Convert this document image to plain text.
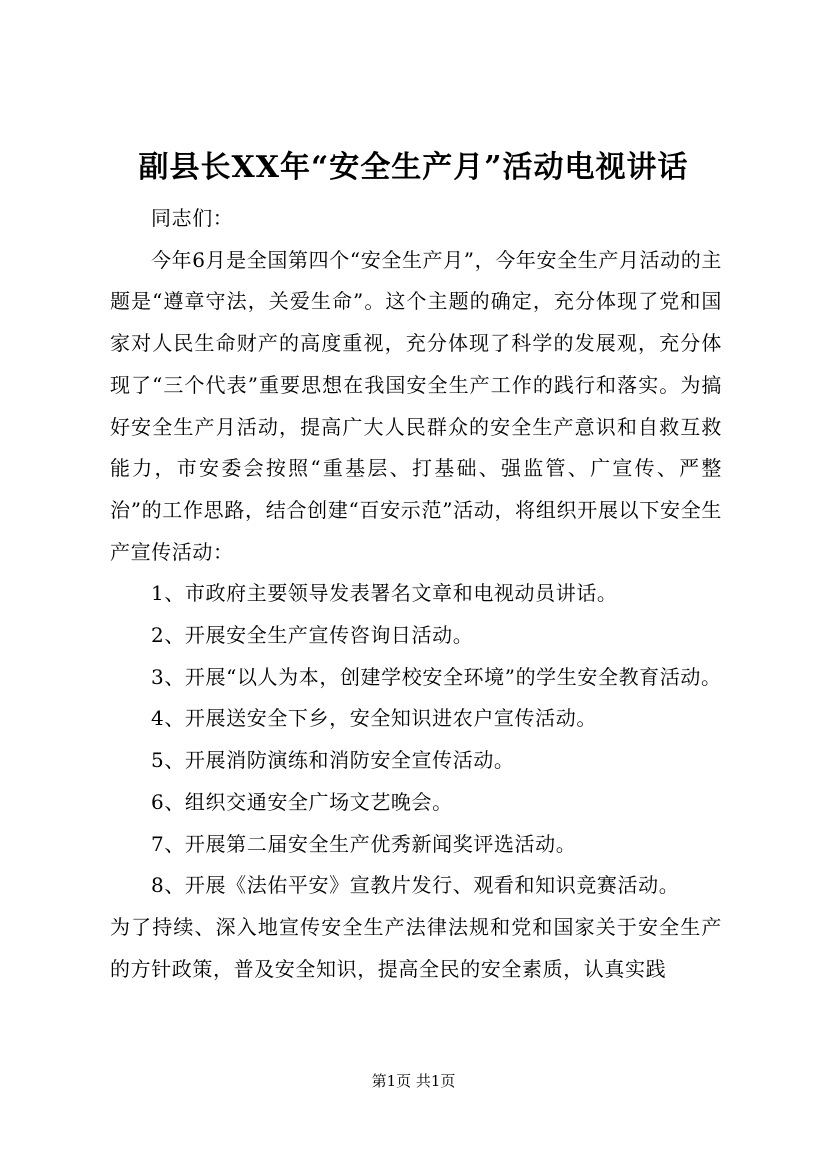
副县长XX年“安全生产月”活动电视讲话

同志们：

今年6月是全国第四个“安全生产月”，今年安全生产月活动的主题是“遵章守法，关爱生命”。这个主题的确定，充分体现了党和国家对人民生命财产的高度重视，充分体现了科学的发展观，充分体现了“三个代表”重要思想在我国安全生产工作的践行和落实。为搞好安全生产月活动，提高广大人民群众的安全生产意识和自救互救能力，市安委会按照“重基层、打基础、强监管、广宣传、严整治”的工作思路，结合创建“百安示范”活动，将组织开展以下安全生产宣传活动：

1、市政府主要领导发表署名文章和电视动员讲话。

2、开展安全生产宣传咨询日活动。

3、开展“以人为本，创建学校安全环境”的学生安全教育活动。

4、开展送安全下乡，安全知识进农户宣传活动。

5、开展消防演练和消防安全宣传活动。

6、组织交通安全广场文艺晚会。

7、开展第二届安全生产优秀新闻奖评选活动。

8、开展《法佑平安》宣教片发行、观看和知识竞赛活动。

为了持续、深入地宣传安全生产法律法规和党和国家关于安全生产的方针政策，普及安全知识，提高全民的安全素质，认真实践

第1页 共1页
